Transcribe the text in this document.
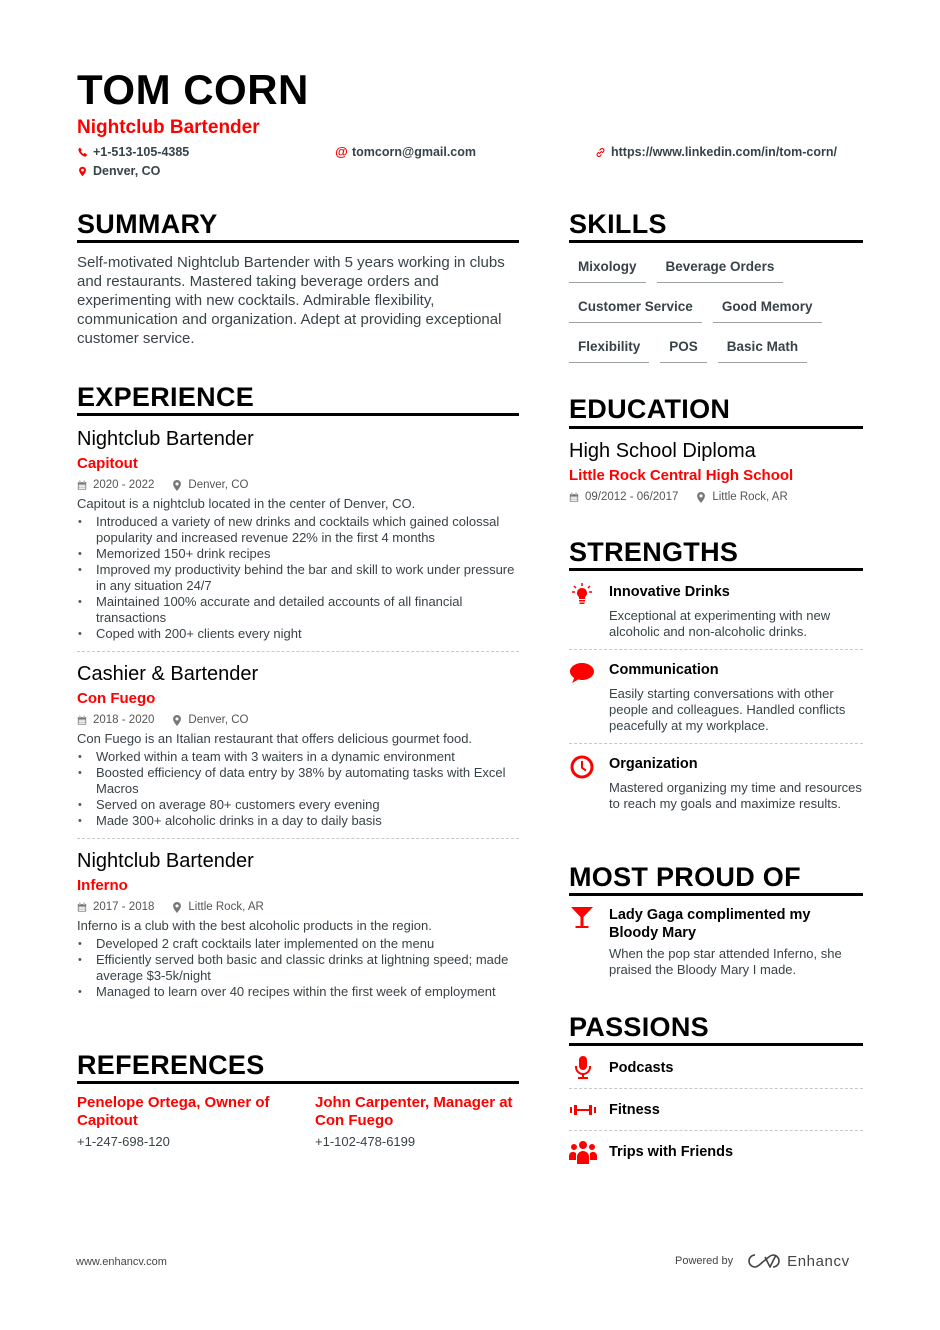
TOM CORN
Nightclub Bartender
+1-513-105-4385	@ tomcorn@gmail.com	https://www.linkedin.com/in/tom-corn/
Denver, CO
SUMMARY
Self-motivated Nightclub Bartender with 5 years working in clubs and restaurants. Mastered taking beverage orders and experimenting with new cocktails. Admirable flexibility, communication and organization. Adept at providing exceptional customer service.
EXPERIENCE
Nightclub Bartender
Capitout
2020 - 2022	Denver, CO
Capitout is a nightclub located in the center of Denver, CO.
• Introduced a variety of new drinks and cocktails which gained colossal popularity and increased revenue 22% in the first 4 months
• Memorized 150+ drink recipes
• Improved my productivity behind the bar and skill to work under pressure in any situation 24/7
• Maintained 100% accurate and detailed accounts of all financial transactions
• Coped with 200+ clients every night
Cashier & Bartender
Con Fuego
2018 - 2020	Denver, CO
Con Fuego is an Italian restaurant that offers delicious gourmet food.
• Worked within a team with 3 waiters in a dynamic environment
• Boosted efficiency of data entry by 38% by automating tasks with Excel Macros
• Served on average 80+ customers every evening
• Made 300+ alcoholic drinks in a day to daily basis
Nightclub Bartender
Inferno
2017 - 2018	Little Rock, AR
Inferno is a club with the best alcoholic products in the region.
• Developed 2 craft cocktails later implemented on the menu
• Efficiently served both basic and classic drinks at lightning speed; made average $3-5k/night
• Managed to learn over 40 recipes within the first week of employment
REFERENCES
Penelope Ortega, Owner of Capitout
+1-247-698-120
John Carpenter, Manager at Con Fuego
+1-102-478-6199
SKILLS
Mixology	Beverage Orders
Customer Service	Good Memory
Flexibility	POS	Basic Math
EDUCATION
High School Diploma
Little Rock Central High School
09/2012 - 06/2017	Little Rock, AR
STRENGTHS
Innovative Drinks
Exceptional at experimenting with new alcoholic and non-alcoholic drinks.
Communication
Easily starting conversations with other people and colleagues. Handled conflicts peacefully at my workplace.
Organization
Mastered organizing my time and resources to reach my goals and maximize results.
MOST PROUD OF
Lady Gaga complimented my Bloody Mary
When the pop star attended Inferno, she praised the Bloody Mary I made.
PASSIONS
Podcasts
Fitness
Trips with Friends
www.enhancv.com	Powered by	Enhancv
